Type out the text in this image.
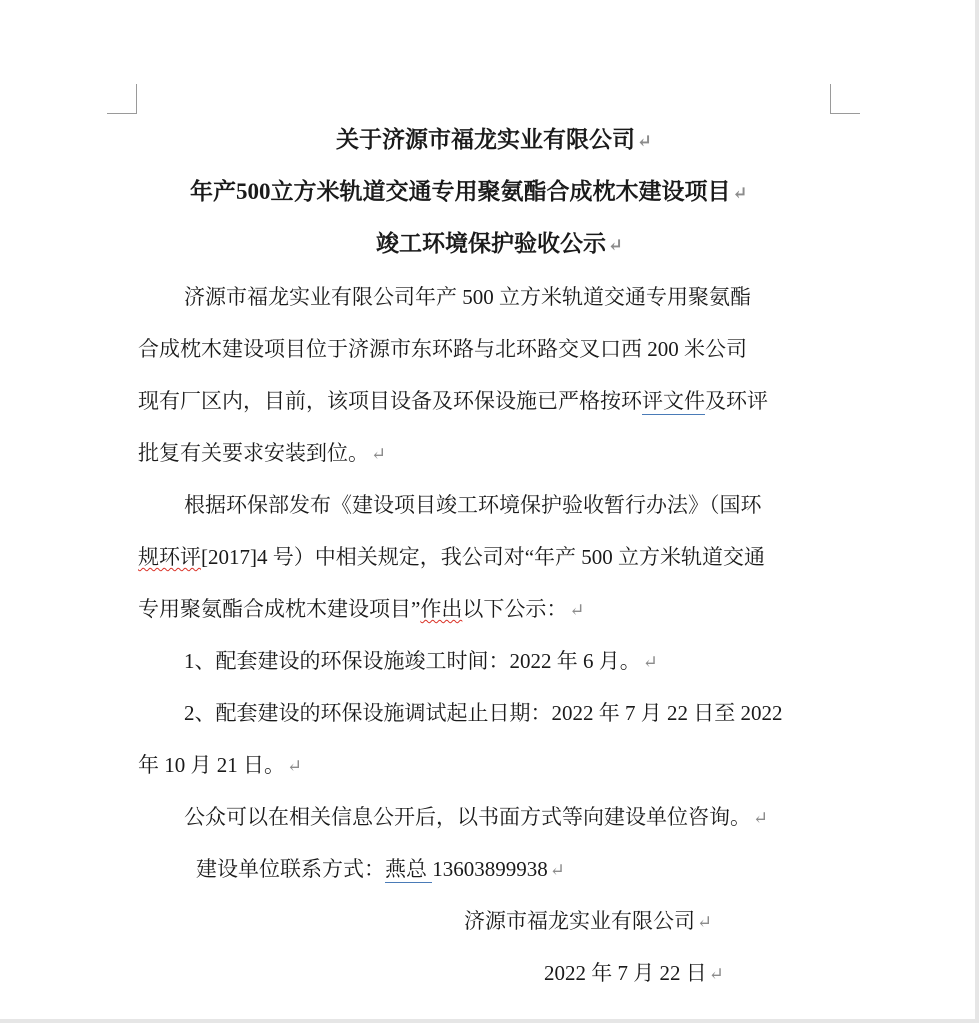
关于济源市福龙实业有限公司 ↵
年产500立方米轨道交通专用聚氨酯合成枕木建设项目 ↵
竣工环境保护验收公示 ↵
济源市福龙实业有限公司年产 500 立方米轨道交通专用聚氨酯
合成枕木建设项目位于济源市东环路与北环路交叉口西 200 米公司
现有厂区内，目前，该项目设备及环保设施已严格按环评文件及环评
批复有关要求安装到位。 ↵
根据环保部发布《建设项目竣工环境保护验收暂行办法》（国环
规环评[2017]4 号）中相关规定，我公司对“年产 500 立方米轨道交通
专用聚氨酯合成枕木建设项目”作出以下公示： ↵
1、配套建设的环保设施竣工时间：2022 年 6 月。 ↵
2、配套建设的环保设施调试起止日期：2022 年 7 月 22 日至 2022
年 10 月 21 日。 ↵
公众可以在相关信息公开后，以书面方式等向建设单位咨询。 ↵
建设单位联系方式：燕总 13603899938 ↵
济源市福龙实业有限公司 ↵
2022 年 7 月 22 日 ↵
